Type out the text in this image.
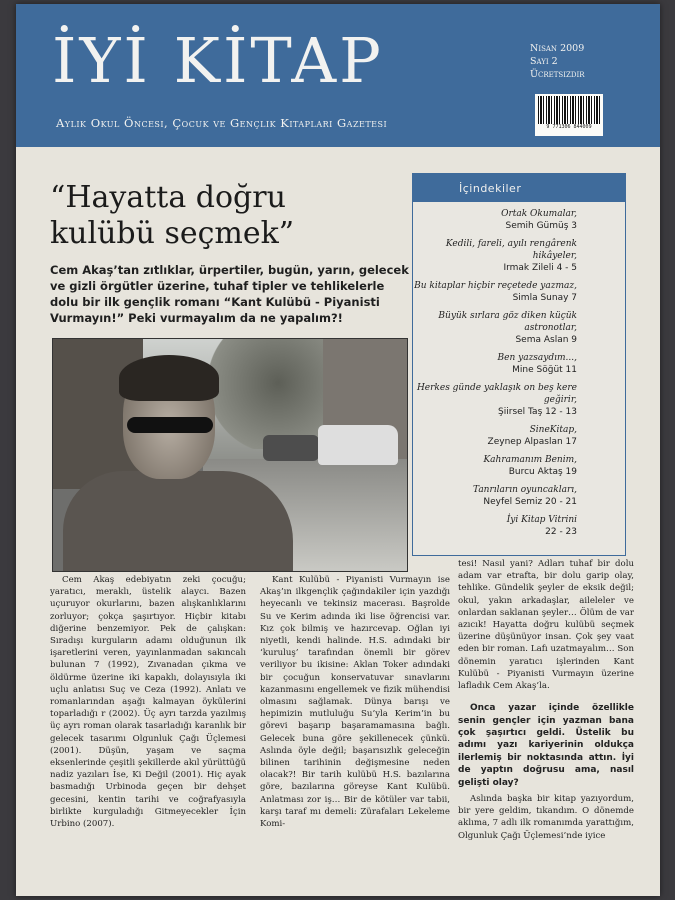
İYİ KİTAP
Aylık Okul Öncesi, Çocuk ve Gençlik Kitapları Gazetesi
Nisan 2009
Sayı 2
Ücretsizdir
9 771306 844009
“Hayatta doğru
kulübü seçmek”
Cem Akaş’tan zıtlıklar, ürpertiler, bugün, yarın, gelecek ve gizli örgütler üzerine, tuhaf tipler ve tehlikelerle dolu bir ilk gençlik romanı “Kant Kulübü - Piyanisti Vurmayın!” Peki vurmayalım da ne yapalım?!
İçindekiler
Ortak Okumalar,
Semih Gümüş 3
Kedili, fareli, ayılı rengârenk hikâyeler,
Irmak Zileli 4 - 5
Bu kitaplar hiçbir reçetede yazmaz,
Simla Sunay 7
Büyük sırlara göz diken küçük astronotlar,
Sema Aslan 9
Ben yazsaydım...,
Mine Söğüt 11
Herkes günde yaklaşık on beş kere geğirir,
Şiirsel Taş 12 - 13
SineKitap,
Zeynep Alpaslan 17
Kahramanım Benim,
Burcu Aktaş 19
Tanrıların oyuncakları,
Neyfel Semiz 20 - 21
İyi Kitap Vitrini
22 - 23

Cem Akaş edebiyatın zeki çocuğu; yaratıcı, meraklı, üstelik alaycı. Bazen uçuruyor okurlarını, bazen alışkanlıklarını zorluyor; çokça şaşırtıyor. Hiçbir kitabı diğerine benzemiyor. Pek de çalışkan: Sıradışı kurguların adamı olduğunun ilk işaretlerini veren, yayınlanmadan sakıncalı bulunan 7 (1992), Zıvanadan çıkma ve öldürme üzerine iki kapaklı, dolayısıyla iki uçlu anlatısı Suç ve Ceza (1992). Anlatı ve romanlarından aşağı kalmayan öykülerini toparladığı r (2002). Üç ayrı tarzda yazılmış üç ayrı roman olarak tasarladığı karanlık bir gelecek tasarımı Olgunluk Çağı Üçlemesi (2001). Düşün, yaşam ve saçma eksenlerinde çeşitli şekillerde akıl yürüttüğü nadiz yazıları İse, Ki Değil (2001). Hiç ayak basmadığı Urbinoda geçen bir dehşet gecesini, kentin tarihi ve coğrafyasıyla birlikte kurguladığı Gitmeyecekler İçin Urbino (2007).

Kant Kulübü - Piyanisti Vurmayın ise Akaş’ın ilkgençlik çağındakiler için yazdığı heyecanlı ve tekinsiz macerası. Başrolde Su ve Kerim adında iki lise öğrencisi var. Kız çok bilmiş ve hazırcevap. Oğlan iyi niyetli, kendi halinde. H.S. adındaki bir ‘kuruluş’ tarafından önemli bir görev veriliyor bu ikisine: Aklan Toker adındaki bir çocuğun konservatuvar sınavlarını kazanmasını engellemek ve fizik mühendisi olmasını sağlamak. Dünya barışı ve hepimizin mutluluğu Su’yla Kerim’in bu görevi başarıp başaramamasına bağlı. Gelecek buna göre şekillenecek çünkü. Aslında öyle değil; başarısızlık geleceğin bilinen tarihinin değişmesine neden olacak?! Bir tarih kulübü H.S. bazılarına göre, bazılarına göreyse Kant Kulübü. Anlatması zor iş… Bir de kötüler var tabii, karşı taraf mı demeli: Zürafaları Lekeleme Komi-

tesi! Nasıl yani? Adları tuhaf bir dolu adam var etrafta, bir dolu garip olay, tehlike. Gündelik şeyler de eksik değil; okul, yakın arkadaşlar, aileleler ve onlardan saklanan şeyler… Ölüm de var azıcık! Hayatta doğru kulübü seçmek üzerine düşünüyor insan. Çok şey vaat eden bir roman. Lafı uzatmayalım… Son dönemin yaratıcı işlerinden Kant Kulübü - Piyanisti Vurmayın üzerine lafladık Cem Akaş’la.

Onca yazar içinde özellikle senin gençler için yazman bana çok şaşırtıcı geldi. Üstelik bu adımı yazı kariyerinin oldukça ilerlemiş bir noktasında attın. İyi de yaptın doğrusu ama, nasıl gelişti olay?

Aslında başka bir kitap yazıyordum, bir yere geldim, tıkandım. O dönemde aklıma, 7 adlı ilk romanımda yarattığım, Olgunluk Çağı Üçlemesi’nde iyice
